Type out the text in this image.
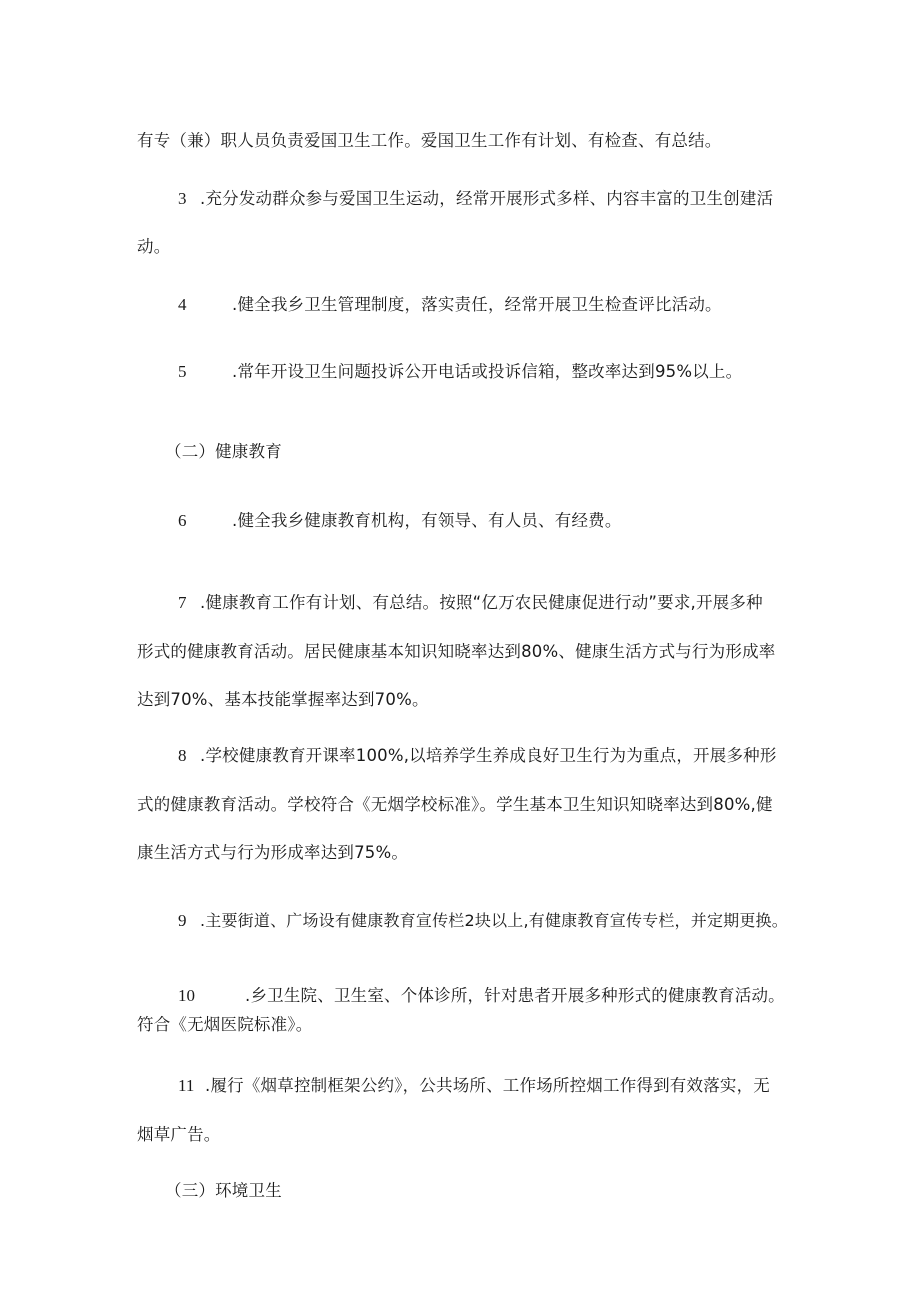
有专（兼）职人员负责爱国卫生工作。爱国卫生工作有计划、有检查、有总结。
3 .充分发动群众参与爱国卫生运动，经常开展形式多样、内容丰富的卫生创建活
动。
4	.健全我乡卫生管理制度，落实责任，经常开展卫生检查评比活动。
5	.常年开设卫生问题投诉公开电话或投诉信箱，整改率达到95%以上。
（二）健康教育
6	.健全我乡健康教育机构，有领导、有人员、有经费。
7 .健康教育工作有计划、有总结。按照“亿万农民健康促进行动”要求,开展多种
形式的健康教育活动。居民健康基本知识知晓率达到80%、健康生活方式与行为形成率
达到70%、基本技能掌握率达到70%。
8 .学校健康教育开课率100%,以培养学生养成良好卫生行为为重点，开展多种形
式的健康教育活动。学校符合《无烟学校标准》。学生基本卫生知识知晓率达到80%,健
康生活方式与行为形成率达到75%。
9 .主要街道、广场设有健康教育宣传栏2块以上,有健康教育宣传专栏，并定期更换。
10	.乡卫生院、卫生室、个体诊所，针对患者开展多种形式的健康教育活动。
符合《无烟医院标准》。
11 .履行《烟草控制框架公约》，公共场所、工作场所控烟工作得到有效落实，无
烟草广告。
（三）环境卫生
